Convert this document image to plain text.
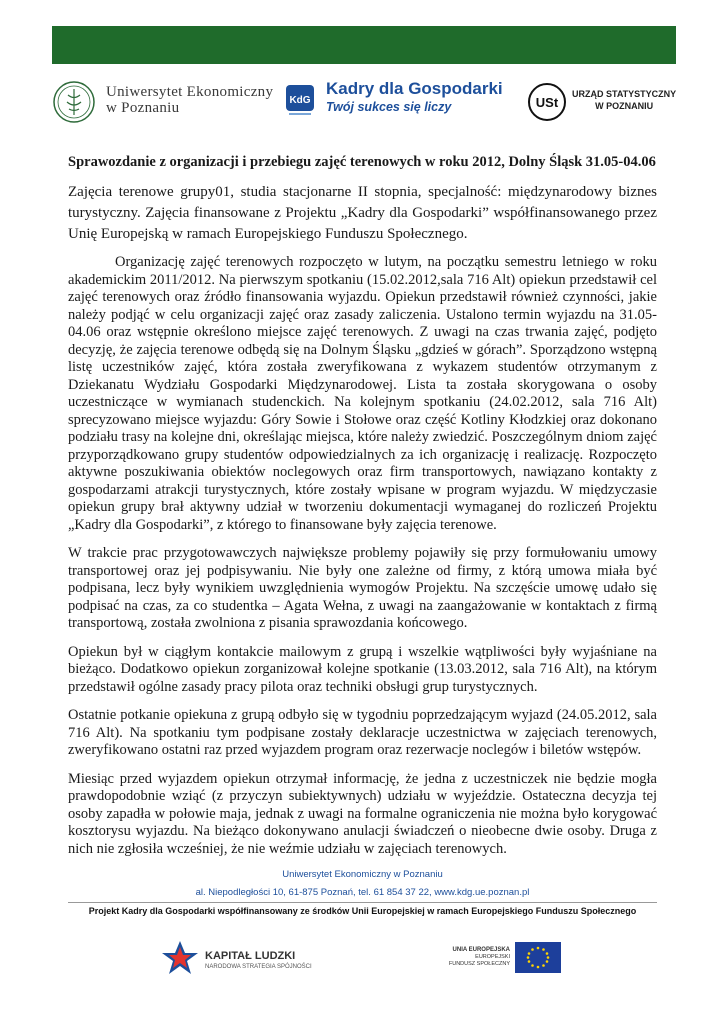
Uniwersytet Ekonomiczny
w Poznaniu	KdG
Kadry dla Gospodarki
Twój sukces się liczy	USt
URZĄD STATYSTYCZNY
W POZNANIU
Sprawozdanie z organizacji i przebiegu zajęć terenowych w roku 2012, Dolny Śląsk 31.05-04.06
Zajęcia terenowe grupy01, studia stacjonarne II stopnia, specjalność: międzynarodowy biznes turystyczny. Zajęcia finansowane z Projektu „Kadry dla Gospodarki” współfinansowanego przez Unię Europejską w ramach Europejskiego Funduszu Społecznego.
Organizację zajęć terenowych rozpoczęto w lutym, na początku semestru letniego w roku akademickim 2011/2012. Na pierwszym spotkaniu (15.02.2012,sala 716 Alt) opiekun przedstawił cel zajęć terenowych oraz źródło finansowania wyjazdu. Opiekun przedstawił również czynności, jakie należy podjąć w celu organizacji zajęć oraz zasady zaliczenia. Ustalono termin wyjazdu na 31.05-04.06 oraz wstępnie określono miejsce zajęć terenowych. Z uwagi na czas trwania zajęć, podjęto decyzję, że zajęcia terenowe odbędą się na Dolnym Śląsku „gdzieś w górach”. Sporządzono wstępną listę uczestników zajęć, która została zweryfikowana z wykazem studentów otrzymanym z Dziekanatu Wydziału Gospodarki Międzynarodowej. Lista ta została skorygowana o osoby uczestniczące w wymianach studenckich. Na kolejnym spotkaniu (24.02.2012, sala 716 Alt) sprecyzowano miejsce wyjazdu: Góry Sowie i Stołowe oraz część Kotliny Kłodzkiej oraz dokonano podziału trasy na kolejne dni, określając miejsca, które należy zwiedzić. Poszczególnym dniom zajęć przyporządkowano grupy studentów odpowiedzialnych za ich organizację i realizację. Rozpoczęto aktywne poszukiwania obiektów noclegowych oraz firm transportowych, nawiązano kontakty z gospodarzami atrakcji turystycznych, które zostały wpisane w program wyjazdu. W międzyczasie opiekun grupy brał aktywny udział w tworzeniu dokumentacji wymaganej do rozliczeń Projektu „Kadry dla Gospodarki”, z którego to finansowane były zajęcia terenowe.
W trakcie prac przygotowawczych największe problemy pojawiły się przy formułowaniu umowy transportowej oraz jej podpisywaniu. Nie były one zależne od firmy, z którą umowa miała być podpisana, lecz były wynikiem uwzględnienia wymogów Projektu. Na szczęście umowę udało się podpisać na czas, za co studentka – Agata Wełna, z uwagi na zaangażowanie w kontaktach z firmą transportową, została zwolniona z pisania sprawozdania końcowego.
Opiekun był w ciągłym kontakcie mailowym z grupą i wszelkie wątpliwości były wyjaśniane na bieżąco. Dodatkowo opiekun zorganizował kolejne spotkanie (13.03.2012, sala 716 Alt), na którym przedstawił ogólne zasady pracy pilota oraz techniki obsługi grup turystycznych.
Ostatnie potkanie opiekuna z grupą odbyło się w tygodniu poprzedzającym wyjazd (24.05.2012, sala 716 Alt). Na spotkaniu tym podpisane zostały deklaracje uczestnictwa w zajęciach terenowych, zweryfikowano ostatni raz przed wyjazdem program oraz rezerwacje noclegów i biletów wstępów.
Miesiąc przed wyjazdem opiekun otrzymał informację, że jedna z uczestniczek nie będzie mogła prawdopodobnie wziąć (z przyczyn subiektywnych) udziału w wyjeździe. Ostateczna decyzja tej osoby zapadła w połowie maja, jednak z uwagi na formalne ograniczenia nie można było korygować kosztorysu wyjazdu. Na bieżąco dokonywano anulacji świadczeń o nieobecne dwie osoby. Druga z nich nie zgłosiła wcześniej, że nie weźmie udziału w zajęciach terenowych.
Uniwersytet Ekonomiczny w Poznaniu
al. Niepodległości 10, 61-875 Poznań, tel. 61 854 37 22, www.kdg.ue.poznan.pl
Projekt Kadry dla Gospodarki współfinansowany ze środków Unii Europejskiej w ramach Europejskiego Funduszu Społecznego
KAPITAŁ LUDZKI
NARODOWA STRATEGIA SPÓJNOŚCI
UNIA EUROPEJSKA
EUROPEJSKI
FUNDUSZ SPOŁECZNY
